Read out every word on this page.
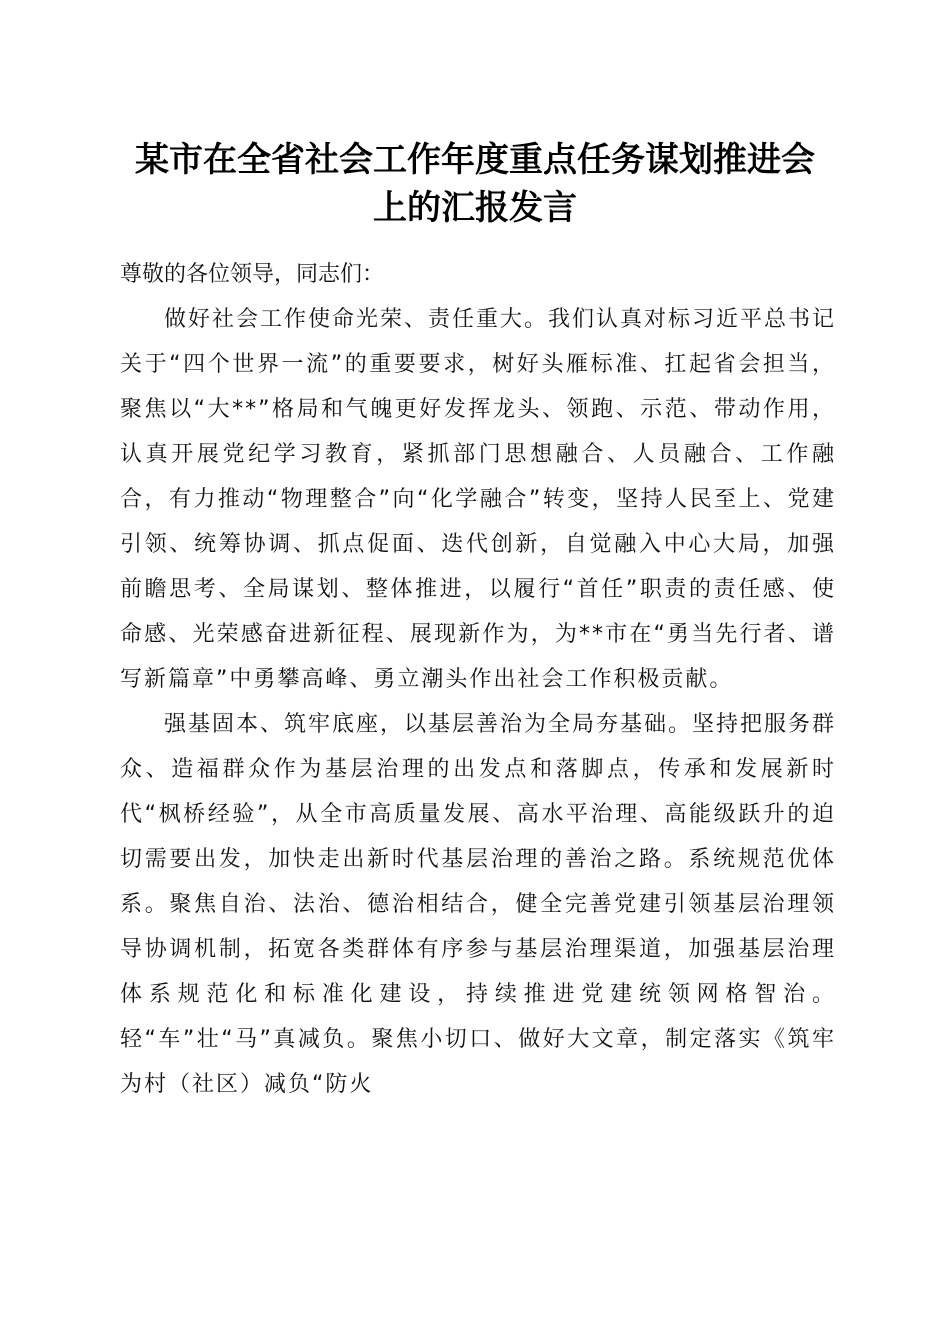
某市在全省社会工作年度重点任务谋划推进会
上的汇报发言

尊敬的各位领导，同志们：

做好社会工作使命光荣、责任重大。我们认真对标习近平总书记关于“四个世界一流”的重要要求，树好头雁标准、扛起省会担当，聚焦以“大**”格局和气魄更好发挥龙头、领跑、示范、带动作用，认真开展党纪学习教育，紧抓部门思想融合、人员融合、工作融合，有力推动“物理整合”向“化学融合”转变，坚持人民至上、党建引领、统筹协调、抓点促面、迭代创新，自觉融入中心大局，加强前瞻思考、全局谋划、整体推进，以履行“首任”职责的责任感、使命感、光荣感奋进新征程、展现新作为，为**市在“勇当先行者、谱写新篇章”中勇攀高峰、勇立潮头作出社会工作积极贡献。

强基固本、筑牢底座，以基层善治为全局夯基础。坚持把服务群众、造福群众作为基层治理的出发点和落脚点，传承和发展新时代“枫桥经验”，从全市高质量发展、高水平治理、高能级跃升的迫切需要出发，加快走出新时代基层治理的善治之路。系统规范优体系。聚焦自治、法治、德治相结合，健全完善党建引领基层治理领导协调机制，拓宽各类群体有序参与基层治理渠道，加强基层治理体系规范化和标准化建设，持续推进党建统领网格智治。轻“车”壮“马”真减负。聚焦小切口、做好大文章，制定落实《筑牢为村（社区）减负“防火
